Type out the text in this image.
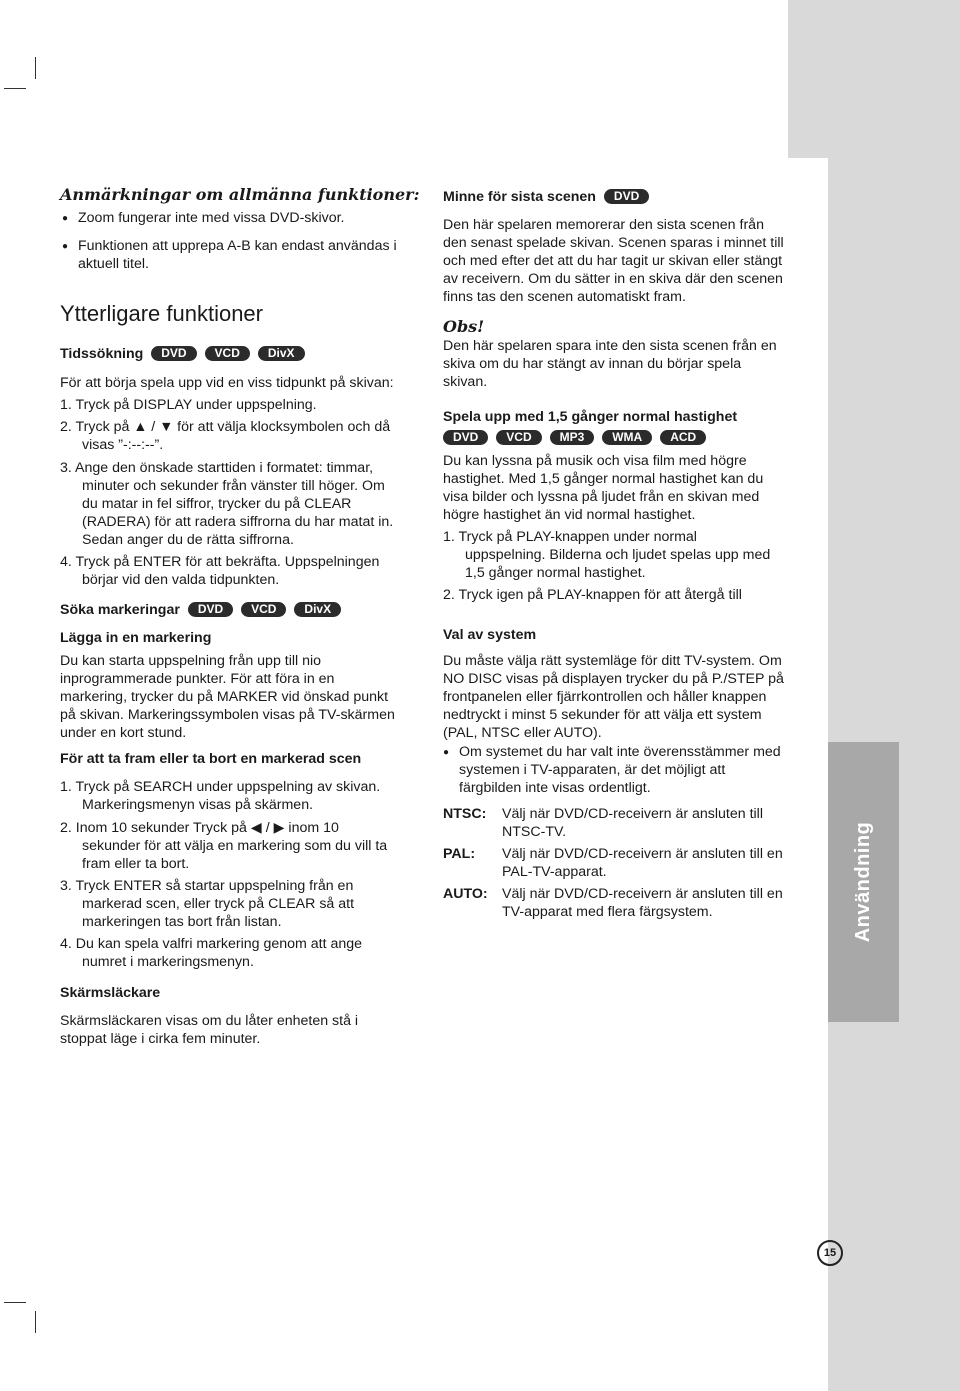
Användning
15
Anmärkningar om allmänna funktioner:
● Zoom fungerar inte med vissa DVD-skivor.
● Funktionen att upprepa A-B kan endast användas i
aktuell titel.
Ytterligare funktioner
Tidssökning DVD VCD DivX
För att börja spela upp vid en viss tidpunkt på skivan:
1. Tryck på DISPLAY under uppspelning.
2. Tryck på ▲ / ▼ för att välja klocksymbolen och då
visas ”-:--:--”.
3. Ange den önskade starttiden i formatet: timmar,
minuter och sekunder från vänster till höger. Om
du matar in fel siffror, trycker du på CLEAR
(RADERA) för att radera siffrorna du har matat in.
Sedan anger du de rätta siffrorna.
4. Tryck på ENTER för att bekräfta. Uppspelningen
börjar vid den valda tidpunkten.
Söka markeringar DVD VCD DivX
Lägga in en markering
Du kan starta uppspelning från upp till nio
inprogrammerade punkter. För att föra in en
markering, trycker du på MARKER vid önskad punkt
på skivan. Markeringssymbolen visas på TV-skärmen
under en kort stund.
För att ta fram eller ta bort en markerad scen
1. Tryck på SEARCH under uppspelning av skivan.
Markeringsmenyn visas på skärmen.
2. Inom 10 sekunder Tryck på ◀ / ▶ inom 10
sekunder för att välja en markering som du vill ta
fram eller ta bort.
3. Tryck ENTER så startar uppspelning från en
markerad scen, eller tryck på CLEAR så att
markeringen tas bort från listan.
4. Du kan spela valfri markering genom att ange
numret i markeringsmenyn.
Skärmsläckare
Skärmsläckaren visas om du låter enheten stå i
stoppat läge i cirka fem minuter.
Minne för sista scenen DVD
Den här spelaren memorerar den sista scenen från
den senast spelade skivan. Scenen sparas i minnet till
och med efter det att du har tagit ur skivan eller stängt
av receivern. Om du sätter in en skiva där den scenen
finns tas den scenen automatiskt fram.
Obs!
Den här spelaren spara inte den sista scenen från en
skiva om du har stängt av innan du börjar spela
skivan.
Spela upp med 1,5 gånger normal hastighet
DVD VCD MP3 WMA ACD
Du kan lyssna på musik och visa film med högre
hastighet. Med 1,5 gånger normal hastighet kan du
visa bilder och lyssna på ljudet från en skivan med
högre hastighet än vid normal hastighet.
1. Tryck på PLAY-knappen under normal
uppspelning. Bilderna och ljudet spelas upp med
1,5 gånger normal hastighet.
2. Tryck igen på PLAY-knappen för att återgå till
Val av system
Du måste välja rätt systemläge för ditt TV-system. Om
NO DISC visas på displayen trycker du på P./STEP på
frontpanelen eller fjärrkontrollen och håller knappen
nedtryckt i minst 5 sekunder för att välja ett system
(PAL, NTSC eller AUTO).
● Om systemet du har valt inte överensstämmer med
systemen i TV-apparaten, är det möjligt att
färgbilden inte visas ordentligt.
NTSC: Välj när DVD/CD-receivern är ansluten till
NTSC-TV.
PAL: Välj när DVD/CD-receivern är ansluten till en
PAL-TV-apparat.
AUTO: Välj när DVD/CD-receivern är ansluten till en
TV-apparat med flera färgsystem.
